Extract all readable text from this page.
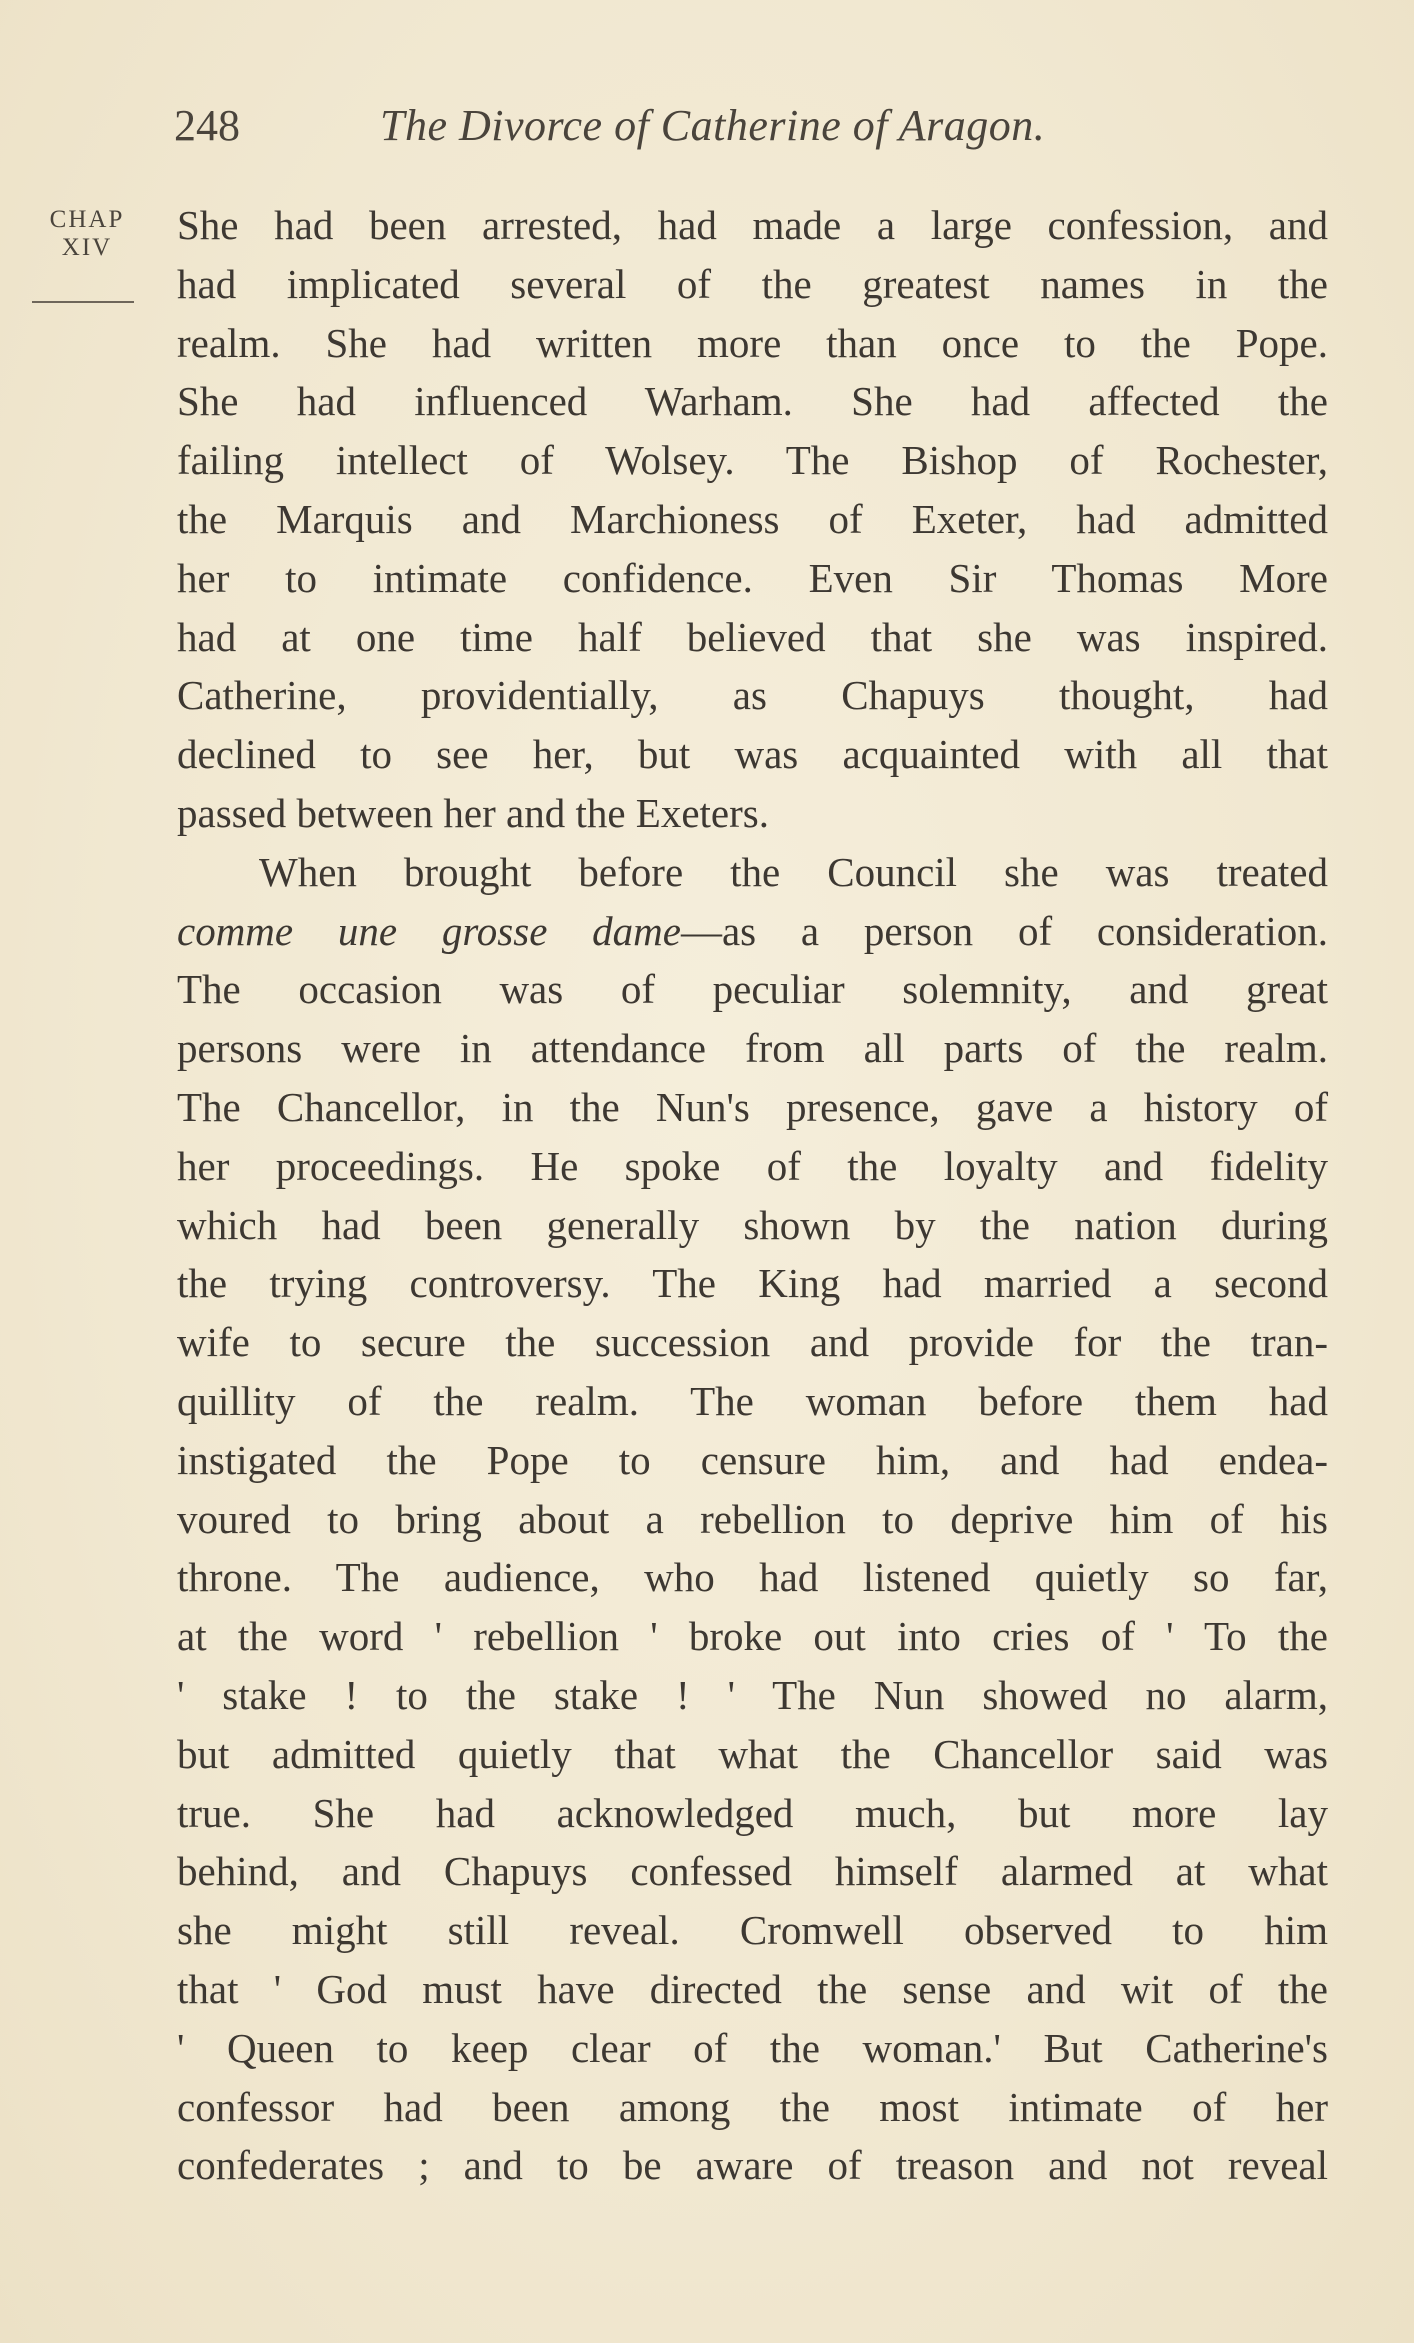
248	The Divorce of Catherine of Aragon.
CHAP
XIV	She had been arrested, had made a large confession, and
had implicated several of the greatest names in the
realm. She had written more than once to the Pope.
She had influenced Warham. She had affected the
failing intellect of Wolsey. The Bishop of Rochester,
the Marquis and Marchioness of Exeter, had admitted
her to intimate confidence. Even Sir Thomas More
had at one time half believed that she was inspired.
Catherine, providentially, as Chapuys thought, had
declined to see her, but was acquainted with all that
passed between her and the Exeters.
When brought before the Council she was treated
comme une grosse dame—as a person of consideration.
The occasion was of peculiar solemnity, and great
persons were in attendance from all parts of the realm.
The Chancellor, in the Nun's presence, gave a history of
her proceedings. He spoke of the loyalty and fidelity
which had been generally shown by the nation during
the trying controversy. The King had married a second
wife to secure the succession and provide for the tran-
quillity of the realm. The woman before them had
instigated the Pope to censure him, and had endea-
voured to bring about a rebellion to deprive him of his
throne. The audience, who had listened quietly so far,
at the word ' rebellion ' broke out into cries of ' To the
' stake ! to the stake ! ' The Nun showed no alarm,
but admitted quietly that what the Chancellor said was
true. She had acknowledged much, but more lay
behind, and Chapuys confessed himself alarmed at what
she might still reveal. Cromwell observed to him
that ' God must have directed the sense and wit of the
' Queen to keep clear of the woman.' But Catherine's
confessor had been among the most intimate of her
confederates ; and to be aware of treason and not reveal
